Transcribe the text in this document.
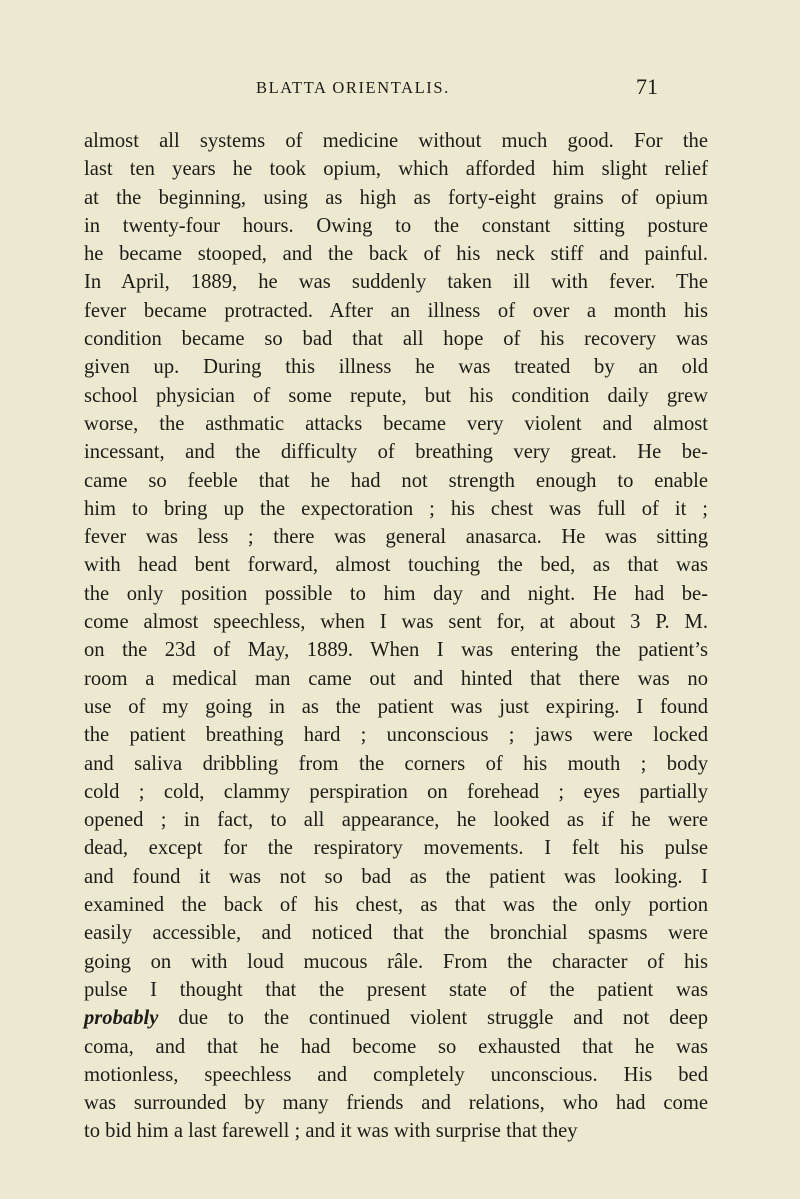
BLATTA ORIENTALIS.	71
almost all systems of medicine without much good. For the
last ten years he took opium, which afforded him slight relief
at the beginning, using as high as forty-eight grains of opium
in twenty-four hours. Owing to the constant sitting posture
he became stooped, and the back of his neck stiff and painful.
In April, 1889, he was suddenly taken ill with fever. The
fever became protracted. After an illness of over a month his
condition became so bad that all hope of his recovery was
given up. During this illness he was treated by an old
school physician of some repute, but his condition daily grew
worse, the asthmatic attacks became very violent and almost
incessant, and the difficulty of breathing very great. He be-
came so feeble that he had not strength enough to enable
him to bring up the expectoration ; his chest was full of it ;
fever was less ; there was general anasarca. He was sitting
with head bent forward, almost touching the bed, as that was
the only position possible to him day and night. He had be-
come almost speechless, when I was sent for, at about 3 P. M.
on the 23d of May, 1889. When I was entering the patient’s
room a medical man came out and hinted that there was no
use of my going in as the patient was just expiring. I found
the patient breathing hard ; unconscious ; jaws were locked
and saliva dribbling from the corners of his mouth ; body
cold ; cold, clammy perspiration on forehead ; eyes partially
opened ; in fact, to all appearance, he looked as if he were
dead, except for the respiratory movements. I felt his pulse
and found it was not so bad as the patient was looking. I
examined the back of his chest, as that was the only portion
easily accessible, and noticed that the bronchial spasms were
going on with loud mucous râle. From the character of his
pulse I thought that the present state of the patient was
probably due to the continued violent struggle and not deep
coma, and that he had become so exhausted that he was
motionless, speechless and completely unconscious. His bed
was surrounded by many friends and relations, who had come
to bid him a last farewell ; and it was with surprise that they
